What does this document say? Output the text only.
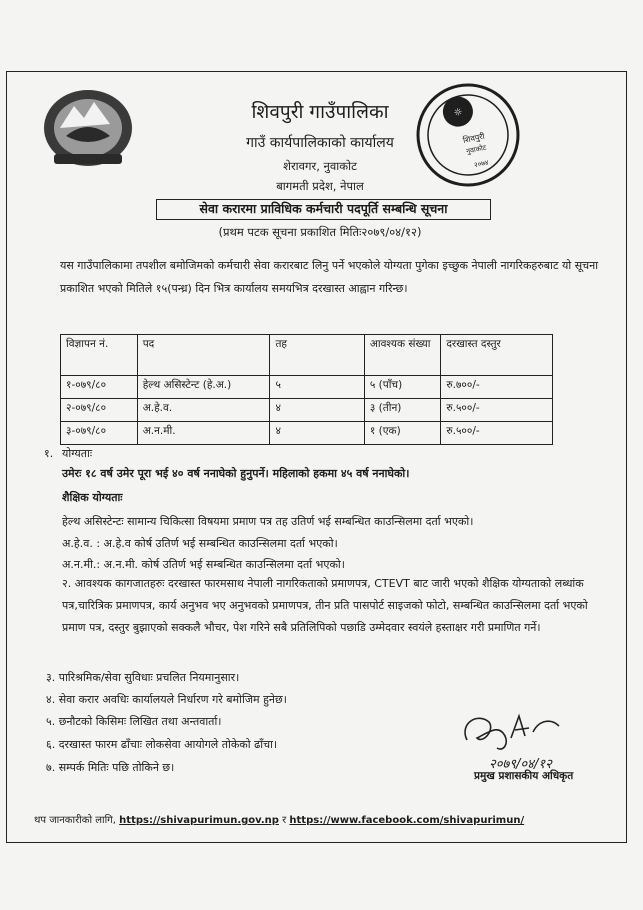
☼
शिवपुरी
नुवाकोट
२०७४
शिवपुरी गाउँपालिका
गाउँ कार्यपालिकाको कार्यालय
शेरावगर, नुवाकोट
बागमती प्रदेश, नेपाल
सेवा करारमा प्राविधिक कर्मचारी पदपूर्ति सम्बन्धि सूचना
(प्रथम पटक सूचना प्रकाशित मितिः२०७९/०४/१२)
यस गाउँपालिकामा तपशील बमोजिमको कर्मचारी सेवा करारबाट लिनु पर्ने भएकोले योग्यता पुगेका इच्छुक नेपाली नागरिकहरुबाट यो सूचना प्रकाशित भएको मितिले १५(पन्ध्र) दिन भित्र कार्यालय समयभित्र दरखास्त आह्वान गरिन्छ।
विज्ञापन नं.	पद	तह	आवश्यक संख्या	दरखास्त दस्तुर
१-०७९/८०	हेल्थ असिस्टेन्ट (हे.अ.)	५	५ (पाँच)	रु.७००/-
२-०७९/८०	अ.हे.व.	४	३ (तीन)	रु.५००/-
३-०७९/८०	अ.न.मी.	४	१ (एक)	रु.५००/-
१. योग्यताः
उमेरः १८ वर्ष उमेर पूरा भई ४० वर्ष ननाघेको हुनुपर्ने। महिलाको हकमा ४५ वर्ष ननाघेको।
शैक्षिक योग्यताः
हेल्थ असिस्टेन्टः सामान्य चिकित्सा विषयमा प्रमाण पत्र तह उतिर्ण भई सम्बन्धित काउन्सिलमा दर्ता भएको।
अ.हे.व. : अ.हे.व कोर्ष उतिर्ण भई सम्बन्धित काउन्सिलमा दर्ता भएको।
अ.न.मी.: अ.न.मी. कोर्ष उतिर्ण भई सम्बन्धित काउन्सिलमा दर्ता भएको।
२. आवश्यक कागजातहरुः दरखास्त फारमसाथ नेपाली नागरिकताको प्रमाणपत्र, CTEVT बाट जारी भएको शैक्षिक योग्यताको लब्धांक पत्र,चारित्रिक प्रमाणपत्र, कार्य अनुभव भए अनुभवको प्रमाणपत्र, तीन प्रति पासपोर्ट साइजको फोटो, सम्बन्धित काउन्सिलमा दर्ता भएको प्रमाण पत्र, दस्तुर बुझाएको सक्कलै भौचर, पेश गरिने सबै प्रतिलिपिको पछाडि उम्मेदवार स्वयंले हस्ताक्षर गरी प्रमाणित गर्ने।
३. पारिश्रमिक/सेवा सुविधाः प्रचलित नियमानुसार।
४. सेवा करार अवधिः कार्यालयले निर्धारण गरे बमोजिम हुनेछ।
५. छनौटको किसिमः लिखित तथा अन्तवार्ता।
६. दरखास्त फारम ढाँचाः लोकसेवा आयोगले तोकेको ढाँचा।
७. सम्पर्क मितिः पछि तोकिने छ।	२०७९/०४/१२
प्रमुख प्रशासकीय अधिकृत
थप जानकारीको लागि, https://shivapurimun.gov.np र https://www.facebook.com/shivapurimun/
